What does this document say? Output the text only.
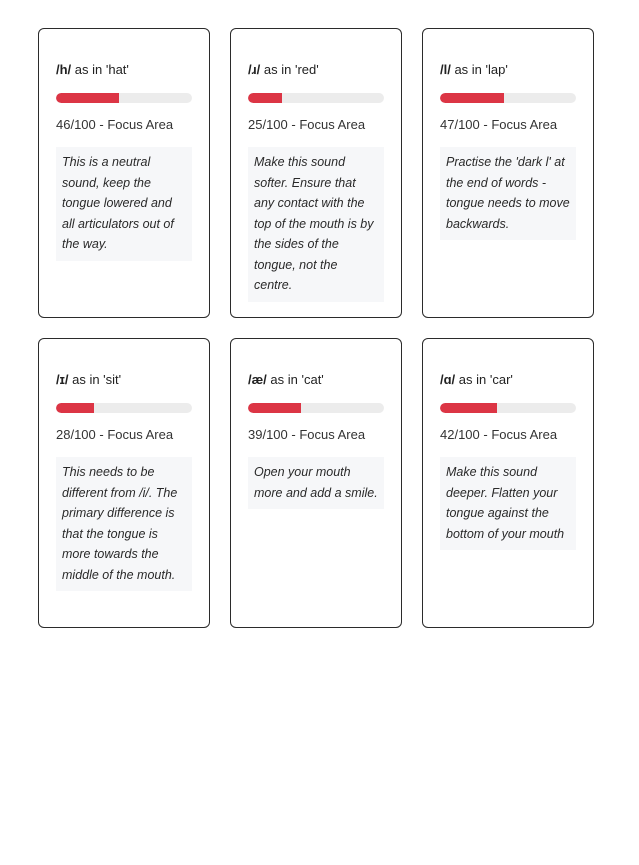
/h/ as in 'hat'
46/100 - Focus Area
This is a neutral sound, keep the tongue lowered and all articulators out of the way.
/ɹ/ as in 'red'
25/100 - Focus Area
Make this sound softer. Ensure that any contact with the top of the mouth is by the sides of the tongue, not the centre.
/l/ as in 'lap'
47/100 - Focus Area
Practise the 'dark l' at the end of words - tongue needs to move backwards.
/ɪ/ as in 'sit'
28/100 - Focus Area
This needs to be different from /i/. The primary difference is that the tongue is more towards the middle of the mouth.
/æ/ as in 'cat'
39/100 - Focus Area
Open your mouth more and add a smile.
/ɑ/ as in 'car'
42/100 - Focus Area
Make this sound deeper. Flatten your tongue against the bottom of your mouth
